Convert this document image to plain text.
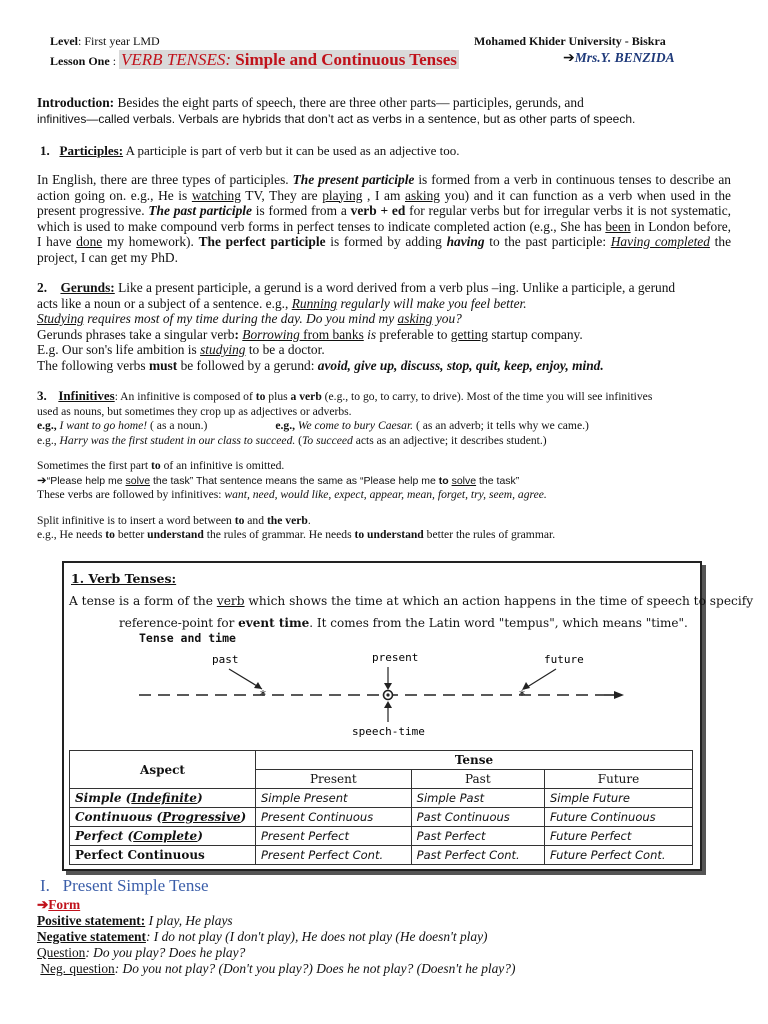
Level: First year LMD	Mohamed Khider University - Biskra
Lesson One : VERB TENSES: Simple and Continuous Tenses	➔Mrs.Y. BENZIDA
Introduction: Besides the eight parts of speech, there are three other parts— participles, gerunds, and
infinitives—called verbals. Verbals are hybrids that don’t act as verbs in a sentence, but as other parts of speech.
1. Participles: A participle is part of verb but it can be used as an adjective too.
In English, there are three types of participles. The present participle is formed from a verb in continuous tenses to describe an action going on. e.g., He is watching TV, They are playing , I am asking you) and it can function as a verb when used in the present progressive. The past participle is formed from a verb + ed for regular verbs but for irregular verbs it is not systematic, which is used to make compound verb forms in perfect tenses to indicate completed action (e.g., She has been in London before, I have done my homework). The perfect participle is formed by adding having to the past participle: Having completed the project, I can get my PhD.
2. Gerunds: Like a present participle, a gerund is a word derived from a verb plus –ing. Unlike a participle, a gerund
acts like a noun or a subject of a sentence. e.g., Running regularly will make you feel better.
Studying requires most of my time during the day. Do you mind my asking you?
Gerunds phrases take a singular verb: Borrowing from banks is preferable to getting startup company.
E.g. Our son's life ambition is studying to be a doctor.
The following verbs must be followed by a gerund: avoid, give up, discuss, stop, quit, keep, enjoy, mind.
3. Infinitives: An infinitive is composed of to plus a verb (e.g., to go, to carry, to drive). Most of the time you will see infinitives
used as nouns, but sometimes they crop up as adjectives or adverbs.
e.g., I want to go home! ( as a noun.)	e.g., We come to bury Caesar. ( as an adverb; it tells why we came.)
e.g., Harry was the first student in our class to succeed. (To succeed acts as an adjective; it describes student.)
Sometimes the first part to of an infinitive is omitted.
➔“Please help me solve the task” That sentence means the same as “Please help me to solve the task”
These verbs are followed by infinitives: want, need, would like, expect, appear, mean, forget, try, seem, agree.
Split infinitive is to insert a word between to and the verb.
e.g., He needs to better understand the rules of grammar. He needs to understand better the rules of grammar.
1. Verb Tenses:
A tense is a form of the verb which shows the time at which an action happens in the time of speech to specify
reference-point for event time. It comes from the Latin word "tempus", which means "time".
Tense and time
past	present	future
*	*
speech-time
Aspect	Tense		
	Present	Past	Future
Simple (Indefinite)	Simple Present	Simple Past	Simple Future
Continuous (Progressive)	Present Continuous	Past Continuous	Future Continuous
Perfect (Complete)	Present Perfect	Past Perfect	Future Perfect
Perfect Continuous	Present Perfect Cont.	Past Perfect Cont.	Future Perfect Cont.
I. Present Simple Tense
➔Form
Positive statement: I play, He plays
Negative statement: I do not play (I don't play), He does not play (He doesn't play)
Question: Do you play? Does he play?
Neg. question: Do you not play? (Don't you play?) Does he not play? (Doesn't he play?)
